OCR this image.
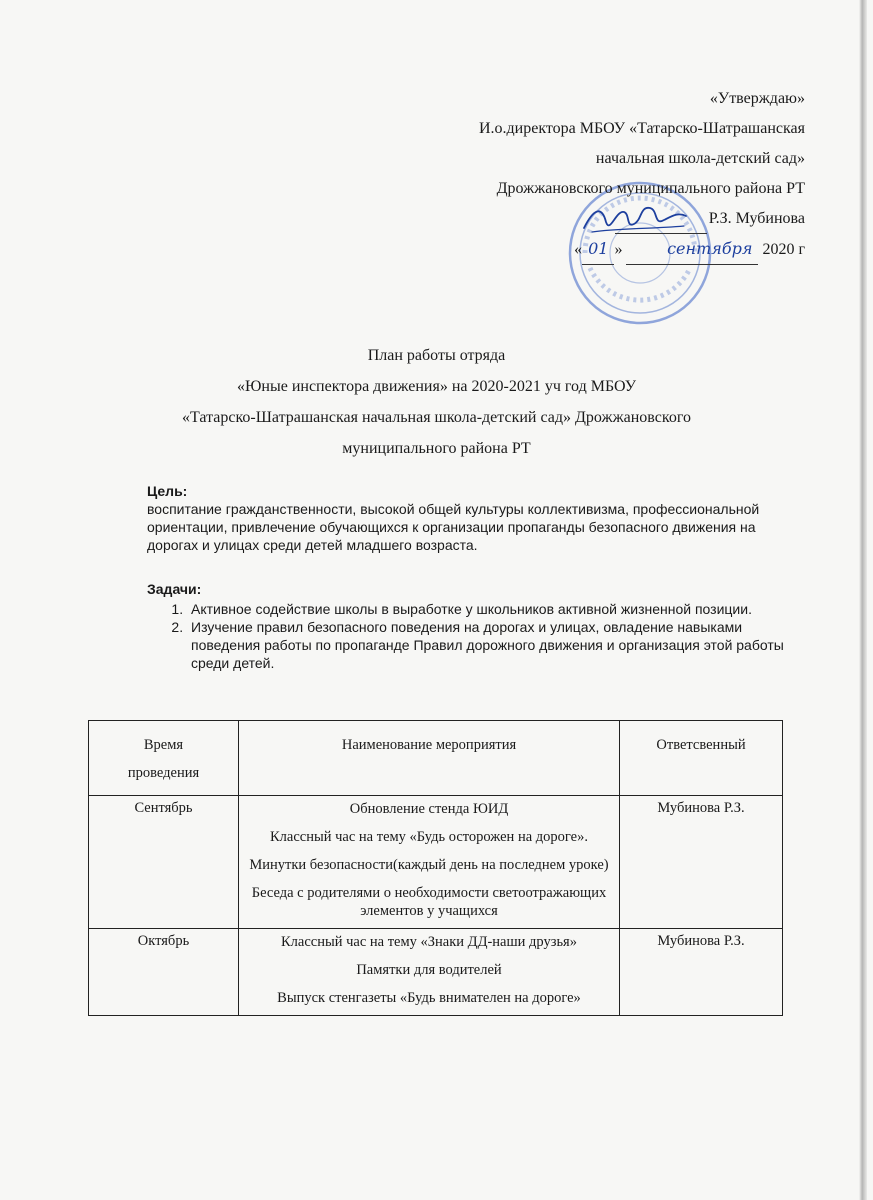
«Утверждаю»
И.о.директора МБОУ «Татарско-Шатрашанская
начальная школа-детский сад»
Дрожжановского муниципального района РТ
Р.З. Мубинова
« 01 »	сентября 2020 г
План работы отряда
«Юные инспектора движения» на 2020-2021 уч год МБОУ
«Татарско-Шатрашанская начальная школа-детский сад» Дрожжановского
муниципального района РТ
Цель:
воспитание гражданственности, высокой общей культуры коллективизма, профессиональной ориентации, привлечение обучающихся к организации пропаганды безопасного движения на дорогах и улицах среди детей младшего возраста.
Задачи:
1. Активное содействие школы в выработке у школьников активной жизненной позиции.
2. Изучение правил безопасного поведения на дорогах и улицах, овладение навыками поведения работы по пропаганде Правил дорожного движения и организация этой работы среди детей.

Время

проведения	Наименование мероприятия	Ответсвенный

Сентябрь	Обновление стенда ЮИД

Классный час на тему «Будь осторожен на дороге».

Минутки безопасности(каждый день на последнем уроке)

Беседа с родителями о необходимости светоотражающих элементов у учащихся	Мубинова Р.З.
Октябрь	Классный час на тему «Знаки ДД-наши друзья»

Памятки для водителей

Выпуск стенгазеты «Будь внимателен на дороге»	Мубинова Р.З.
